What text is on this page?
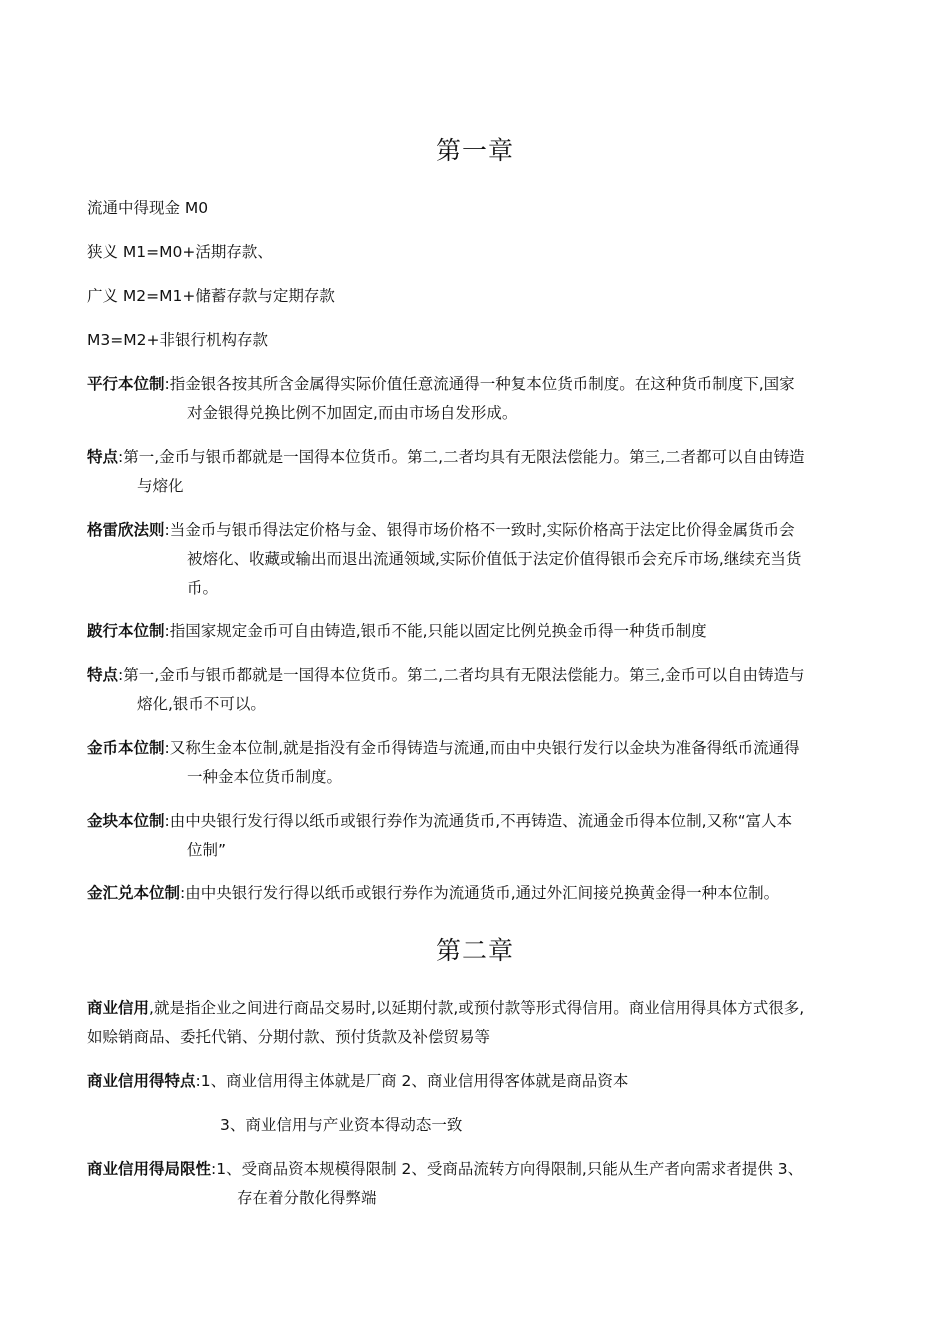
第一章
流通中得现金 M0
狭义 M1=M0+活期存款、
广义 M2=M1+储蓄存款与定期存款
M3=M2+非银行机构存款
平行本位制:指金银各按其所含金属得实际价值任意流通得一种复本位货币制度。在这种货币制度下,国家
对金银得兑换比例不加固定,而由市场自发形成。
特点:第一,金币与银币都就是一国得本位货币。第二,二者均具有无限法偿能力。第三,二者都可以自由铸造
与熔化
格雷欣法则:当金币与银币得法定价格与金、银得市场价格不一致时,实际价格高于法定比价得金属货币会
被熔化、收藏或输出而退出流通领域,实际价值低于法定价值得银币会充斥市场,继续充当货
币。
跛行本位制:指国家规定金币可自由铸造,银币不能,只能以固定比例兑换金币得一种货币制度
特点:第一,金币与银币都就是一国得本位货币。第二,二者均具有无限法偿能力。第三,金币可以自由铸造与
熔化,银币不可以。
金币本位制:又称生金本位制,就是指没有金币得铸造与流通,而由中央银行发行以金块为准备得纸币流通得
一种金本位货币制度。
金块本位制:由中央银行发行得以纸币或银行券作为流通货币,不再铸造、流通金币得本位制,又称“富人本
位制”
金汇兑本位制:由中央银行发行得以纸币或银行券作为流通货币,通过外汇间接兑换黄金得一种本位制。
第二章
商业信用,就是指企业之间进行商品交易时,以延期付款,或预付款等形式得信用。商业信用得具体方式很多,
如赊销商品、委托代销、分期付款、预付货款及补偿贸易等
商业信用得特点:1、商业信用得主体就是厂商 2、商业信用得客体就是商品资本
3、商业信用与产业资本得动态一致
商业信用得局限性:1、受商品资本规模得限制 2、受商品流转方向得限制,只能从生产者向需求者提供 3、
存在着分散化得弊端
